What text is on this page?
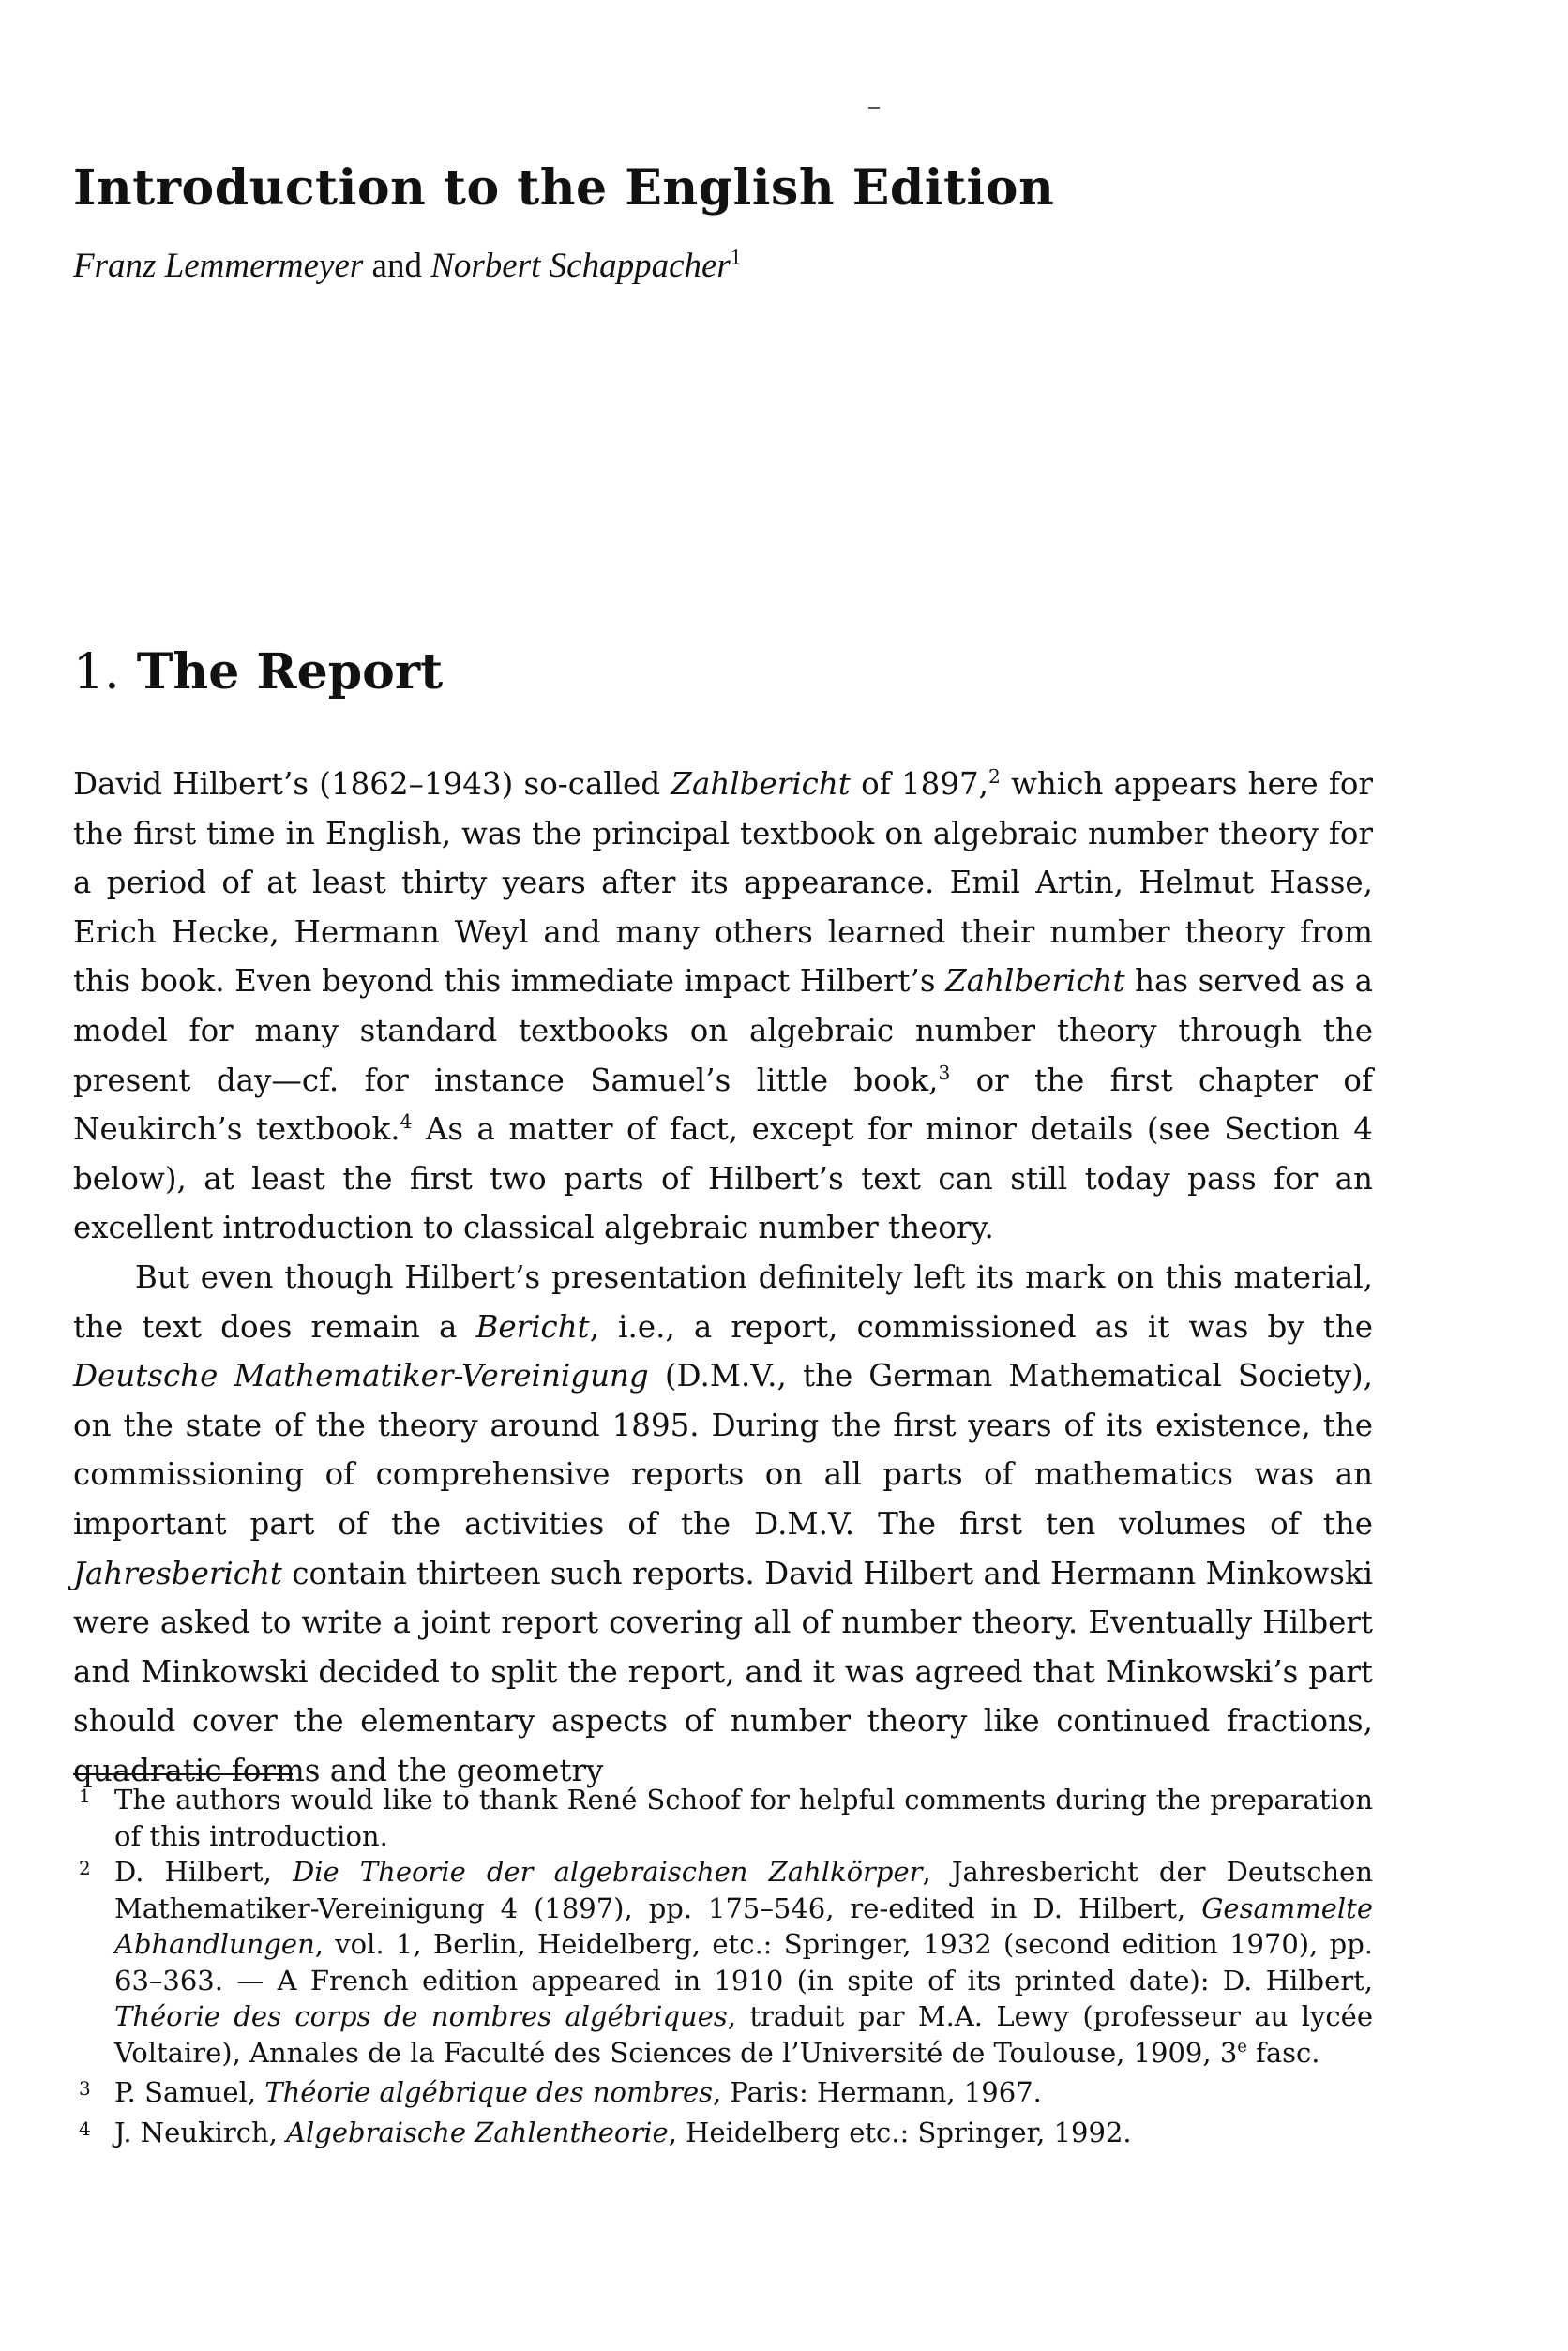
Introduction to the English Edition
Franz Lemmermeyer and Norbert Schappacher$^1$
1. The Report

David Hilbert’s (1862–1943) so-called Zahlbericht of 1897,$^2$ which appears here for the first time in English, was the principal textbook on algebraic number theory for a period of at least thirty years after its appearance. Emil Artin, Helmut Hasse, Erich Hecke, Hermann Weyl and many others learned their number theory from this book. Even beyond this immediate impact Hilbert’s Zahlbericht has served as a model for many standard textbooks on algebraic number theory through the present day—cf. for instance Samuel’s little book,$^3$ or the first chapter of Neukirch’s textbook.$^4$ As a matter of fact, except for minor details (see Section 4 below), at least the first two parts of Hilbert’s text can still today pass for an excellent introduction to classical algebraic number theory.

But even though Hilbert’s presentation definitely left its mark on this material, the text does remain a Bericht, i.e., a report, commissioned as it was by the Deutsche Mathematiker-Vereinigung (D.M.V., the German Mathematical Society), on the state of the theory around 1895. During the first years of its existence, the commissioning of comprehensive reports on all parts of mathematics was an important part of the activities of the D.M.V. The first ten volumes of the Jahresbericht contain thirteen such reports. David Hilbert and Hermann Minkowski were asked to write a joint report covering all of number theory. Eventually Hilbert and Minkowski decided to split the report, and it was agreed that Minkowski’s part should cover the elementary aspects of number theory like continued fractions, quadratic forms and the geometry

1 The authors would like to thank René Schoof for helpful comments during the preparation of this introduction.
2 D. Hilbert, Die Theorie der algebraischen Zahlkörper, Jahresbericht der Deutschen Mathematiker-Vereinigung 4 (1897), pp. 175–546, re-edited in D. Hilbert, Gesammelte Abhandlungen, vol. 1, Berlin, Heidelberg, etc.: Springer, 1932 (second edition 1970), pp. 63–363. — A French edition appeared in 1910 (in spite of its printed date): D. Hilbert, Théorie des corps de nombres algébriques, traduit par M.A. Lewy (professeur au lycée Voltaire), Annales de la Faculté des Sciences de l’Université de Toulouse, 1909, 3e fasc.
3 P. Samuel, Théorie algébrique des nombres, Paris: Hermann, 1967.
4 J. Neukirch, Algebraische Zahlentheorie, Heidelberg etc.: Springer, 1992.
